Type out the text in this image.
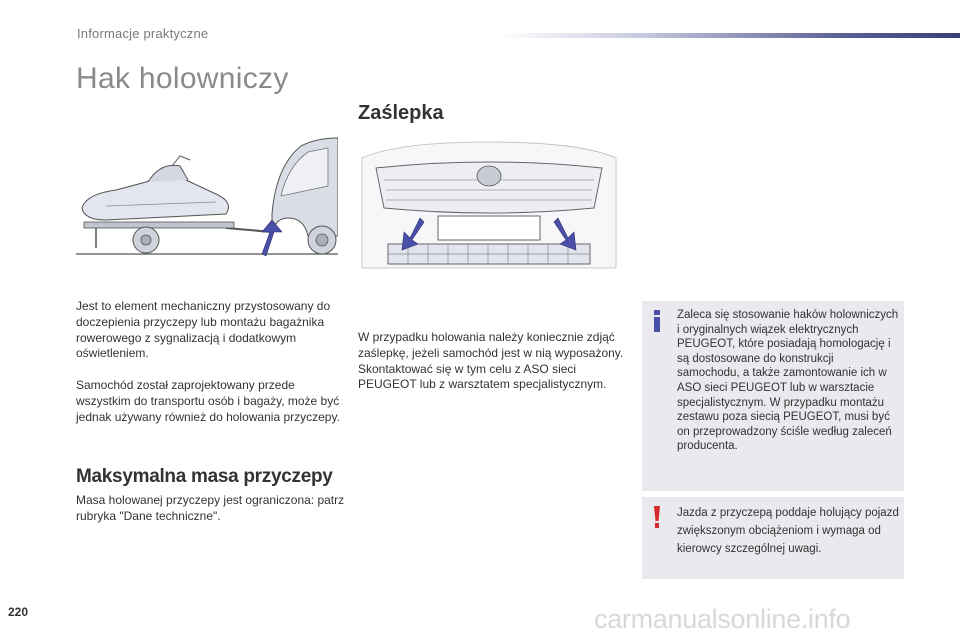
Informacje praktyczne
Hak holowniczy
Zaślepka
Jest to element mechaniczny przystosowany do doczepienia przyczepy lub montażu bagażnika rowerowego z sygnalizacją i dodatkowym oświetleniem.
Samochód został zaprojektowany przede wszystkim do transportu osób i bagaży, może być jednak używany również do holowania przyczepy.
Maksymalna masa przyczepy
Masa holowanej przyczepy jest ograniczona: patrz rubryka "Dane techniczne".
W przypadku holowania należy koniecznie zdjąć zaślepkę, jeżeli samochód jest w nią wyposażony. Skontaktować się w tym celu z ASO sieci PEUGEOT lub z warsztatem specjalistycznym.
Zaleca się stosowanie haków holowniczych i oryginalnych wiązek elektrycznych PEUGEOT, które posiadają homologację i są dostosowane do konstrukcji samochodu, a także zamontowanie ich w ASO sieci PEUGEOT lub w warsztacie specjalistycznym. W przypadku montażu zestawu poza siecią PEUGEOT, musi być on przeprowadzony ściśle według zaleceń producenta.
Jazda z przyczepą poddaje holujący pojazd zwiększonym obciążeniom i wymaga od kierowcy szczególnej uwagi.
220	carmanualsonline.info
